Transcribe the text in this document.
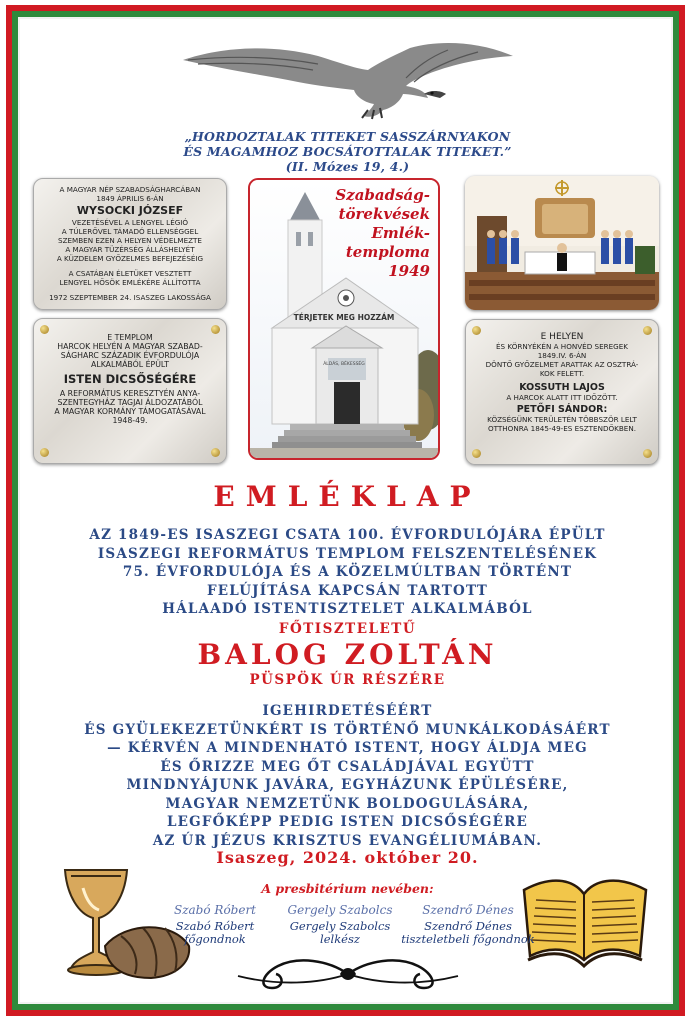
„HORDOZTALAK TITEKET SASSZÁRNYAKON
ÉS MAGAMHOZ BOCSÁTOTTALAK TITEKET.”
(II. Mózes 19, 4.)
A MAGYAR NÉP SZABADSÁGHARCÁBAN
1849 ÁPRILIS 6-ÁN
WYSOCKI JÓZSEF
VEZETÉSÉVEL A LENGYEL LÉGIÓ
A TÚLERŐVEL TÁMADÓ ELLENSÉGGEL
SZEMBEN EZEN A HELYEN VÉDELMEZTE
A MAGYAR TÜZÉRSÉG ÁLLÁSHELYÉT
A KÜZDELEM GYŐZELMES BEFEJEZÉSÉIG
A CSATÁBAN ÉLETÜKET VESZTETT
LENGYEL HŐSÖK EMLÉKÉRE ÁLLÍTOTTA
1972 SZEPTEMBER 24. ISASZEG LAKOSSÁGA
E TEMPLOM
HARCOK HELYÉN A MAGYAR SZABAD-
SÁGHARC SZÁZADIK ÉVFORDULÓJA
ALKALMÁBÓL ÉPÜLT
ISTEN DICSŐSÉGÉRE
A REFORMÁTUS KERESZTYÉN ANYA-
SZENTEGYHÁZ TAGJAI ÁLDOZATÁBÓL
A MAGYAR KORMÁNY TÁMOGATÁSÁVAL
1948-49.
Szabadság-
törekvések
Emlék-
temploma
1949
TÉRJETEK MEG HOZZÁM
ÁLDÁS, BÉKESSÉG
E HELYEN
ÉS KÖRNYÉKÉN A HONVÉD SEREGEK
1849.IV. 6-ÁN
DÖNTŐ GYŐZELMET ARATTAK AZ OSZTRÁ-
KOK FELETT.
KOSSUTH LAJOS
A HARCOK ALATT ITT IDŐZÖTT.
PETŐFI SÁNDOR:
KÖZSÉGÜNK TERÜLETÉN TÖBBSZÖR LELT
OTTHONRA 1845-49-ES ESZTENDŐKBEN.
EMLÉKLAP
AZ 1849-ES ISASZEGI CSATA 100. ÉVFORDULÓJÁRA ÉPÜLT
ISASZEGI REFORMÁTUS TEMPLOM FELSZENTELÉSÉNEK
75. ÉVFORDULÓJA ÉS A KÖZELMÚLTBAN TÖRTÉNT
FELÚJÍTÁSA KAPCSÁN TARTOTT
HÁLAADÓ ISTENTISZTELET ALKALMÁBÓL
FŐTISZTELETŰ
BALOG ZOLTÁN
PÜSPÖK ÚR RÉSZÉRE
IGEHIRDETÉSÉÉRT
ÉS GYÜLEKEZETÜNKÉRT IS TÖRTÉNŐ MUNKÁLKODÁSÁÉRT
— KÉRVÉN A MINDENHATÓ ISTENT, HOGY ÁLDJA MEG
ÉS ŐRIZZE MEG ŐT CSALÁDJÁVAL EGYÜTT
MINDNYÁJUNK JAVÁRA, EGYHÁZUNK ÉPÜLÉSÉRE,
MAGYAR NEMZETÜNK BOLDOGULÁSÁRA,
LEGFŐKÉPP PEDIG ISTEN DICSŐSÉGÉRE
AZ ÚR JÉZUS KRISZTUS EVANGÉLIUMÁBAN.
Isaszeg, 2024. október 20.
A presbitérium nevében:
Szabó Róbert
Szabó Róbert
főgondnok
Gergely Szabolcs
Gergely Szabolcs
lelkész
Szendrő Dénes
Szendrő Dénes
tiszteletbeli főgondnok
